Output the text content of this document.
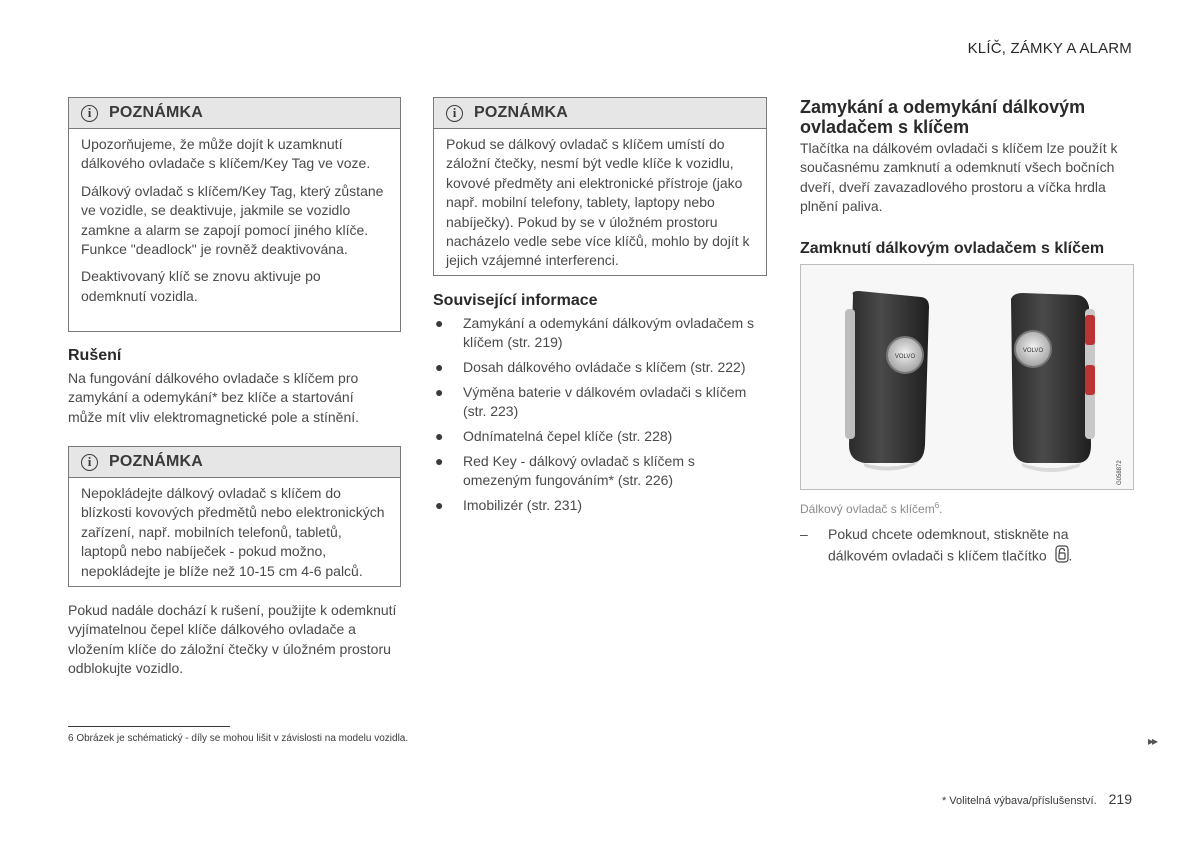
KLÍČ, ZÁMKY A ALARM
i	POZNÁMKA

Upozorňujeme, že může dojít k uzamknutí dálkového ovladače s klíčem/Key Tag ve voze.

Dálkový ovladač s klíčem/Key Tag, který zůstane ve vozidle, se deaktivuje, jakmile se vozidlo zamkne a alarm se zapojí pomocí jiného klíče. Funkce "deadlock" je rovněž deaktivována.

Deaktivovaný klíč se znovu aktivuje po odemknutí vozidla.

Rušení
Na fungování dálkového ovladače s klíčem pro zamykání a odemykání* bez klíče a startování může mít vliv elektromagnetické pole a stínění.
i	POZNÁMKA

Nepokládejte dálkový ovladač s klíčem do blízkosti kovových předmětů nebo elektronických zařízení, např. mobilních telefonů, tabletů, laptopů nebo nabíječek - pokud možno, nepokládejte je blíže než 10-15 cm 4-6 palců.

Pokud nadále dochází k rušení, použijte k odemknutí vyjímatelnou čepel klíče dálkového ovladače a vložením klíče do záložní čtečky v úložném prostoru odblokujte vozidlo.
i	POZNÁMKA

Pokud se dálkový ovladač s klíčem umístí do záložní čtečky, nesmí být vedle klíče k vozidlu, kovové předměty ani elektronické přístroje (jako např. mobilní telefony, tablety, laptopy nebo nabíječky). Pokud by se v úložném prostoru nacházelo vedle sebe více klíčů, mohlo by dojít k jejich vzájemné interferenci.

Související informace
● Zamykání a odemykání dálkovým ovladačem s klíčem (str. 219)
● Dosah dálkového ovládače s klíčem (str. 222)
● Výměna baterie v dálkovém ovladači s klíčem (str. 223)
● Odnímatelná čepel klíče (str. 228)
● Red Key - dálkový ovladač s klíčem s omezeným fungováním* (str. 226)
● Imobilizér (str. 231)
Zamykání a odemykání dálkovým ovladačem s klíčem
Tlačítka na dálkovém ovladači s klíčem lze použít k současnému zamknutí a odemknutí všech bočních dveří, dveří zavazadlového prostoru a víčka hrdla plnění paliva.
Zamknutí dálkovým ovladačem s klíčem
VOLVO
VOLVO
G058872
Dálkový ovladač s klíčem$^6$.
–	Pokud chcete odemknout, stiskněte na dálkovém ovladači s klíčem tlačítko .
6 Obrázek je schématický - díly se mohou lišit v závislosti na modelu vozidla.	▸▸
* Volitelná výbava/příslušenství. 219
